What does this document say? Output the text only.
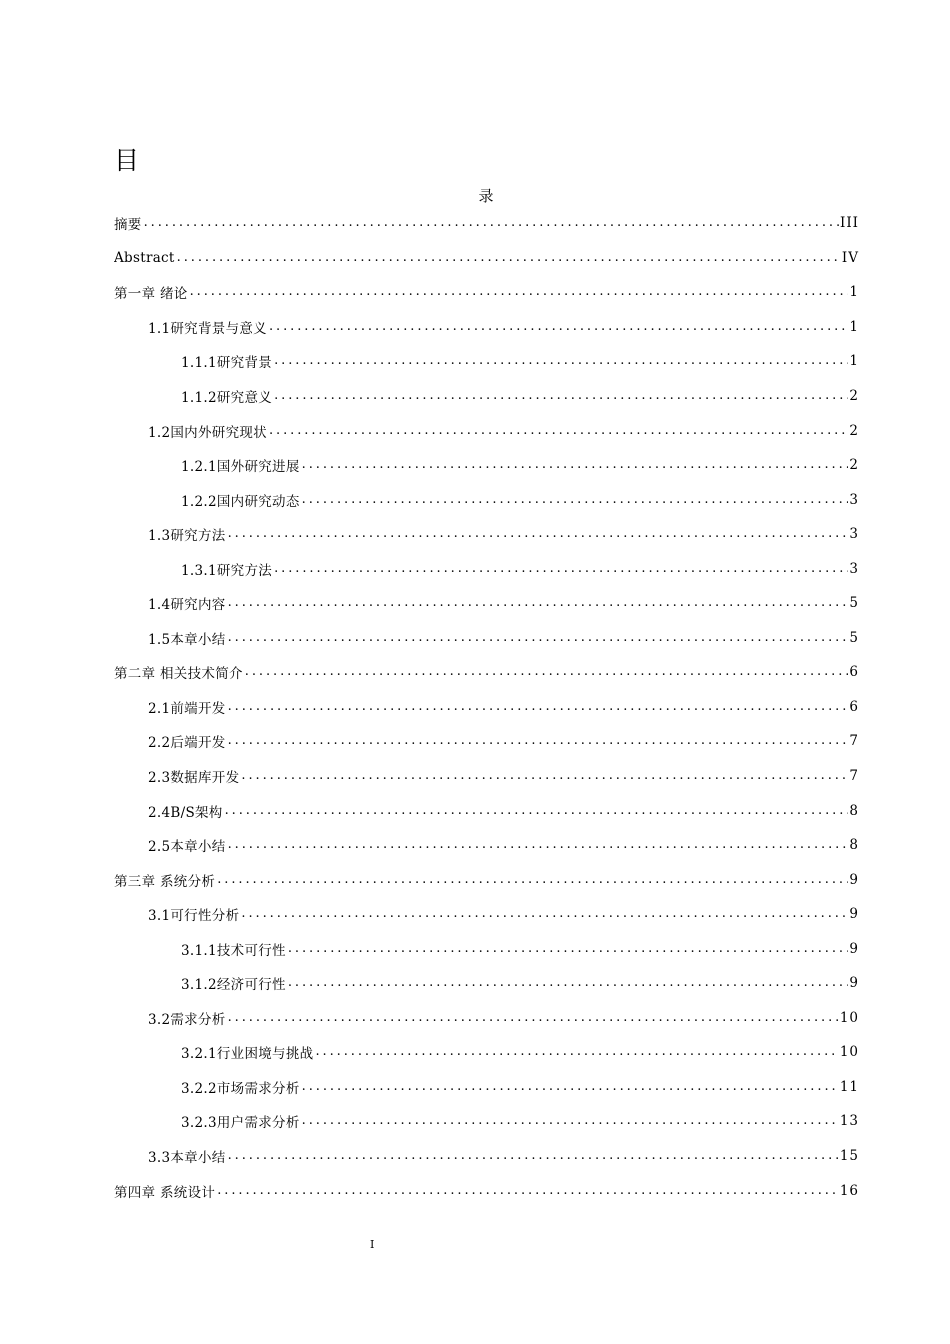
目
录
摘要 . . .	III
Abstract . . .	IV
第一章 绪论 . . .	1
1.1研究背景与意义 . . .	1
1.1.1研究背景 . . .	1
1.1.2研究意义 . . .	2
1.2国内外研究现状 . . .	2
1.2.1国外研究进展 . . .	2
1.2.2国内研究动态 . . .	3
1.3研究方法 . . .	3
1.3.1研究方法 . . .	3
1.4研究内容 . . .	5
1.5本章小结 . . .	5
第二章 相关技术简介 . . .	6
2.1前端开发 . . .	6
2.2后端开发 . . .	7
2.3数据库开发 . . .	7
2.4B/S架构 . . .	8
2.5本章小结 . . .	8
第三章 系统分析 . . .	9
3.1可行性分析 . . .	9
3.1.1技术可行性 . . .	9
3.1.2经济可行性 . . .	9
3.2需求分析 . . .	10
3.2.1行业困境与挑战 . . .	10
3.2.2市场需求分析 . . .	11
3.2.3用户需求分析 . . .	13
3.3本章小结 . . .	15
第四章 系统设计 . . .	16
I
